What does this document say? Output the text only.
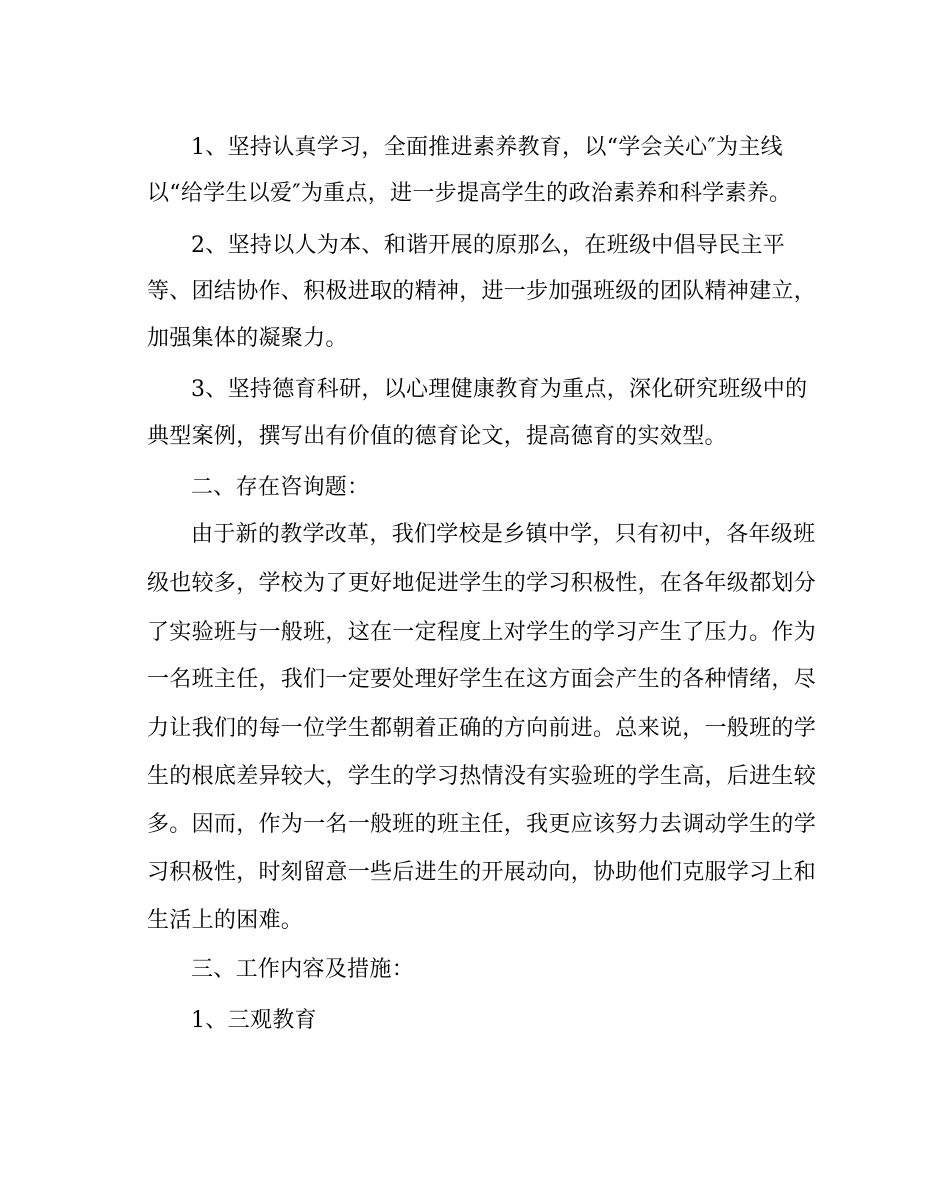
1、坚持认真学习，全面推进素养教育，以“学会关心″为主线
以“给学生以爱″为重点，进一步提高学生的政治素养和科学素养。
2、坚持以人为本、和谐开展的原那么，在班级中倡导民主平
等、团结协作、积极进取的精神，进一步加强班级的团队精神建立，
加强集体的凝聚力。
3、坚持德育科研，以心理健康教育为重点，深化研究班级中的
典型案例，撰写出有价值的德育论文，提高德育的实效型。
二、存在咨询题：
由于新的教学改革，我们学校是乡镇中学，只有初中，各年级班
级也较多，学校为了更好地促进学生的学习积极性，在各年级都划分
了实验班与一般班，这在一定程度上对学生的学习产生了压力。作为
一名班主任，我们一定要处理好学生在这方面会产生的各种情绪，尽
力让我们的每一位学生都朝着正确的方向前进。总来说，一般班的学
生的根底差异较大，学生的学习热情没有实验班的学生高，后进生较
多。因而，作为一名一般班的班主任，我更应该努力去调动学生的学
习积极性，时刻留意一些后进生的开展动向，协助他们克服学习上和
生活上的困难。
三、工作内容及措施：
1、三观教育
